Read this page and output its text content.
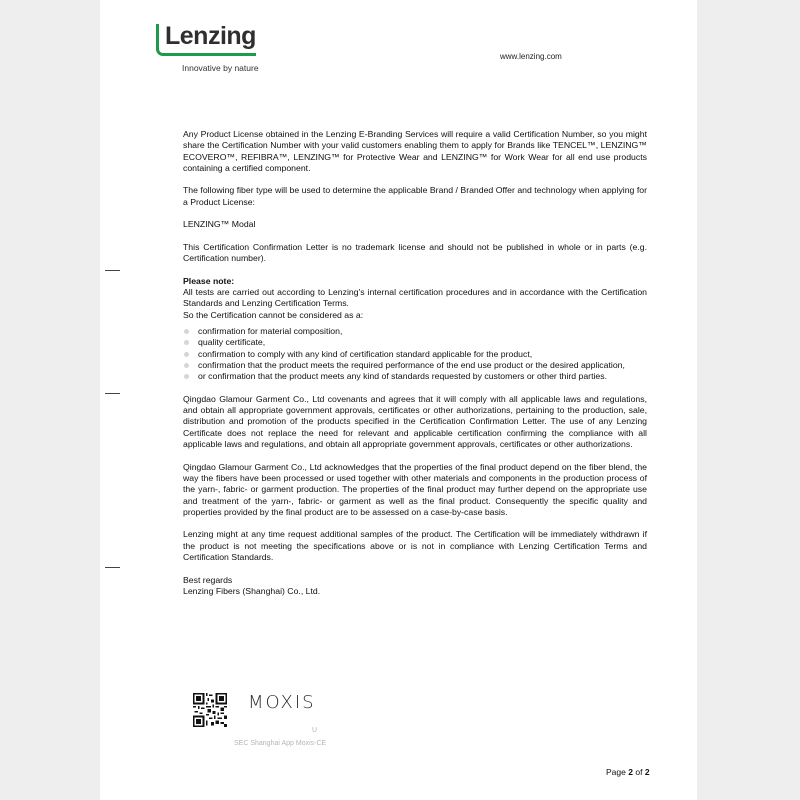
Lenzing
Innovative by nature
www.lenzing.com

Any Product License obtained in the Lenzing E-Branding Services will require a valid Certification Number, so you might share the Certification Number with your valid customers enabling them to apply for Brands like TENCEL™, LENZING™ ECOVERO™, REFIBRA™, LENZING™ for Protective Wear and LENZING™ for Work Wear for all end use products containing a certified component.

The following fiber type will be used to determine the applicable Brand / Branded Offer and technology when applying for a Product License:

LENZING™ Modal

This Certification Confirmation Letter is no trademark license and should not be published in whole or in parts (e.g. Certification number).

Please note:
All tests are carried out according to Lenzing's internal certification procedures and in accordance with the Certification Standards and Lenzing Certification Terms.
So the Certification cannot be considered as a:

confirmation for material composition,
quality certificate,
confirmation to comply with any kind of certification standard applicable for the product,
confirmation that the product meets the required performance of the end use product or the desired application,
or confirmation that the product meets any kind of standards requested by customers or other third parties.

Qingdao Glamour Garment Co., Ltd covenants and agrees that it will comply with all applicable laws and regulations, and obtain all appropriate government approvals, certificates or other authorizations, pertaining to the production, sale, distribution and promotion of the products specified in the Certification Confirmation Letter. The use of any Lenzing Certificate does not replace the need for relevant and applicable certification confirming the compliance with all applicable laws and regulations, and obtain all appropriate government approvals, certificates or other authorizations.

Qingdao Glamour Garment Co., Ltd acknowledges that the properties of the final product depend on the fiber blend, the way the fibers have been processed or used together with other materials and components in the production process of the yarn-, fabric- or garment production. The properties of the final product may further depend on the appropriate use and treatment of the yarn-, fabric- or garment as well as the final product. Consequently the specific quality and properties provided by the final product are to be assessed on a case-by-case basis.

Lenzing might at any time request additional samples of the product. The Certification will be immediately withdrawn if the product is not meeting the specifications above or is not in compliance with Lenzing Certification Terms and Certification Standards.

Best regards
Lenzing Fibers (Shanghai) Co., Ltd.

MOXIS
U
SEC Shanghai App Moxis-CE
Page 2 of 2
